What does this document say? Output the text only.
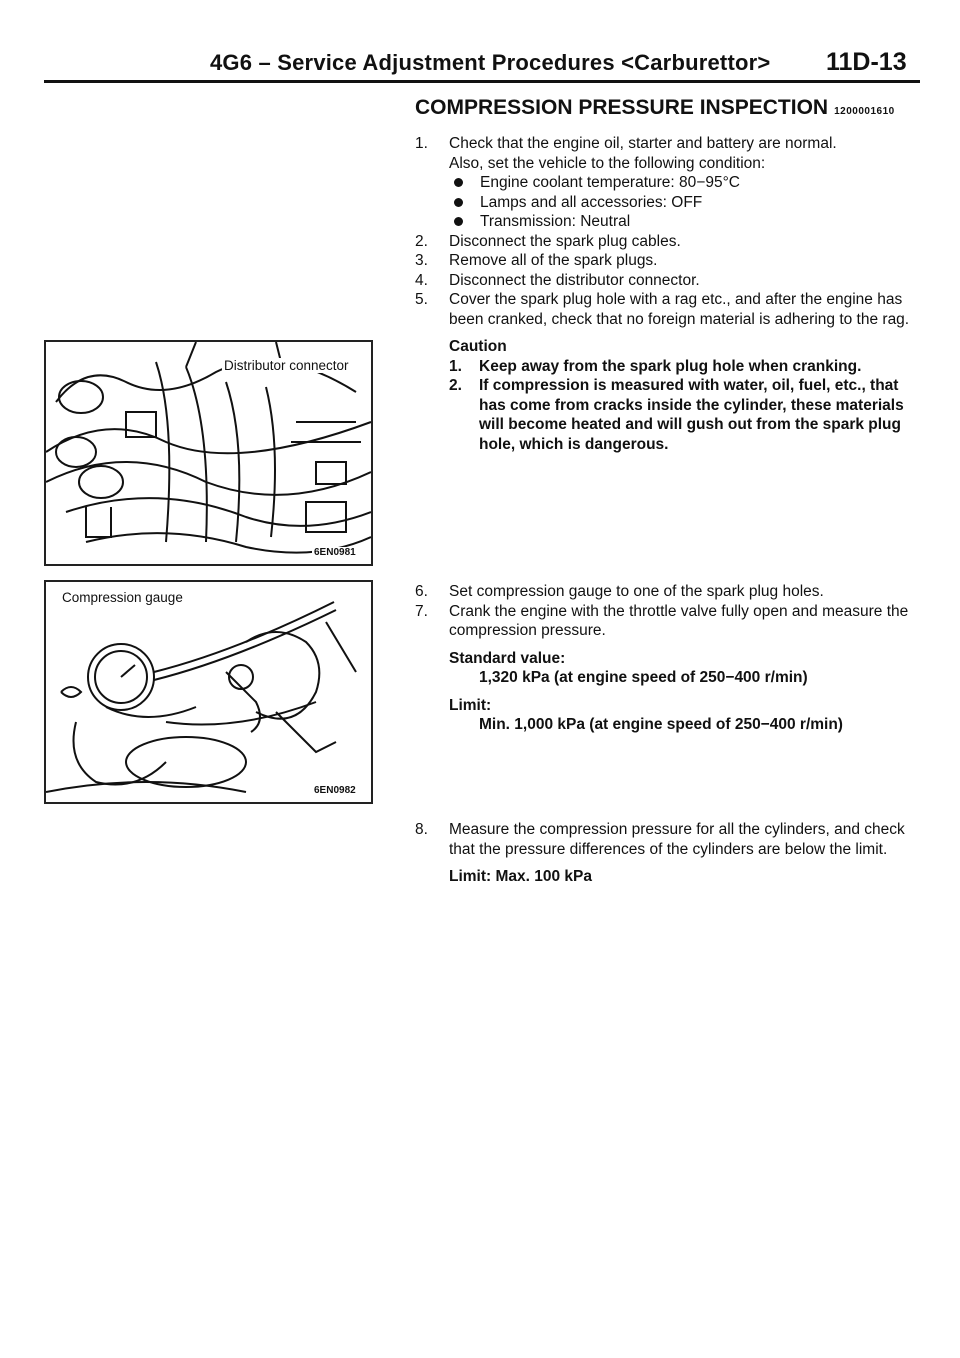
4G6 – Service Adjustment Procedures <Carburettor> 11D-13
COMPRESSION PRESSURE INSPECTION 1200001610
1.	Check that the engine oil, starter and battery are normal.
Also, set the vehicle to the following condition:
Engine coolant temperature: 80−95°C
Lamps and all accessories: OFF
Transmission: Neutral
2.	Disconnect the spark plug cables.
3.	Remove all of the spark plugs.
4.	Disconnect the distributor connector.
5.	Cover the spark plug hole with a rag etc., and after the engine has been cranked, check that no foreign material is adhering to the rag.
Caution
1.	Keep away from the spark plug hole when cranking.
2.	If compression is measured with water, oil, fuel, etc., that has come from cracks inside the cylinder, these materials will become heated and will gush out from the spark plug hole, which is dangerous.
6.	Set compression gauge to one of the spark plug holes.
7.	Crank the engine with the throttle valve fully open and measure the compression pressure.
Standard value:
1,320 kPa (at engine speed of 250−400 r/min)
Limit:
Min. 1,000 kPa (at engine speed of 250−400 r/min)
8.	Measure the compression pressure for all the cylinders, and check that the pressure differences of the cylinders are below the limit.
Limit: Max. 100 kPa
Distributor connector
6EN0981
Compression gauge
6EN0982
